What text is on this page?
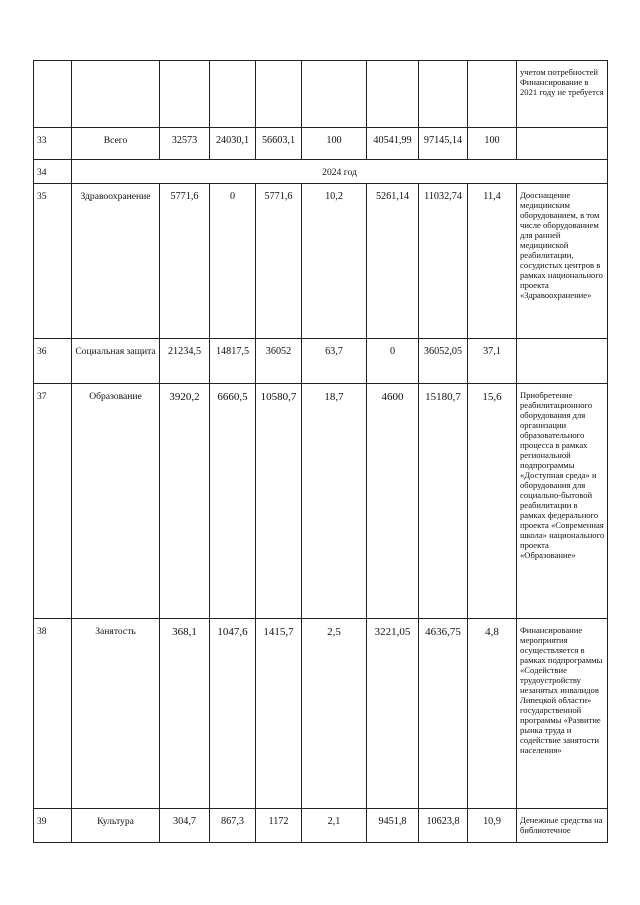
									учетом потребностей Финансирование в 2021 году не требуется
33	Всего	32573	24030,1	56603,1	100	40541,99	97145,14	100	
34	2024 год								
35	Здравоохранение	5771,6	0	5771,6	10,2	5261,14	11032,74	11,4	Дооснащение медицинским оборудованием, в том числе оборудованием для ранней медицинской реабилитации, сосудистых центров в рамках национального проекта «Здравоохранение»
36	Социальная защита	21234,5	14817,5	36052	63,7	0	36052,05	37,1	
37	Образование	3920,2	6660,5	10580,7	18,7	4600	15180,7	15,6	Приобретение реабилитационного оборудования для организации образовательного процесса в рамках региональной подпрограммы «Доступная среда» и оборудования для социально-бытовой реабилитации в рамках федерального проекта «Современная школа» национального проекта «Образование»
38	Занятость	368,1	1047,6	1415,7	2,5	3221,05	4636,75	4,8	Финансирование мероприятия осуществляется в рамках подпрограммы «Содействие трудоустройству незанятых инвалидов Липецкой области» государственной программы «Развитие рынка труда и содействие занятости населения»
39	Культура	304,7	867,3	1172	2,1	9451,8	10623,8	10,9	Денежные средства на библиотечное
